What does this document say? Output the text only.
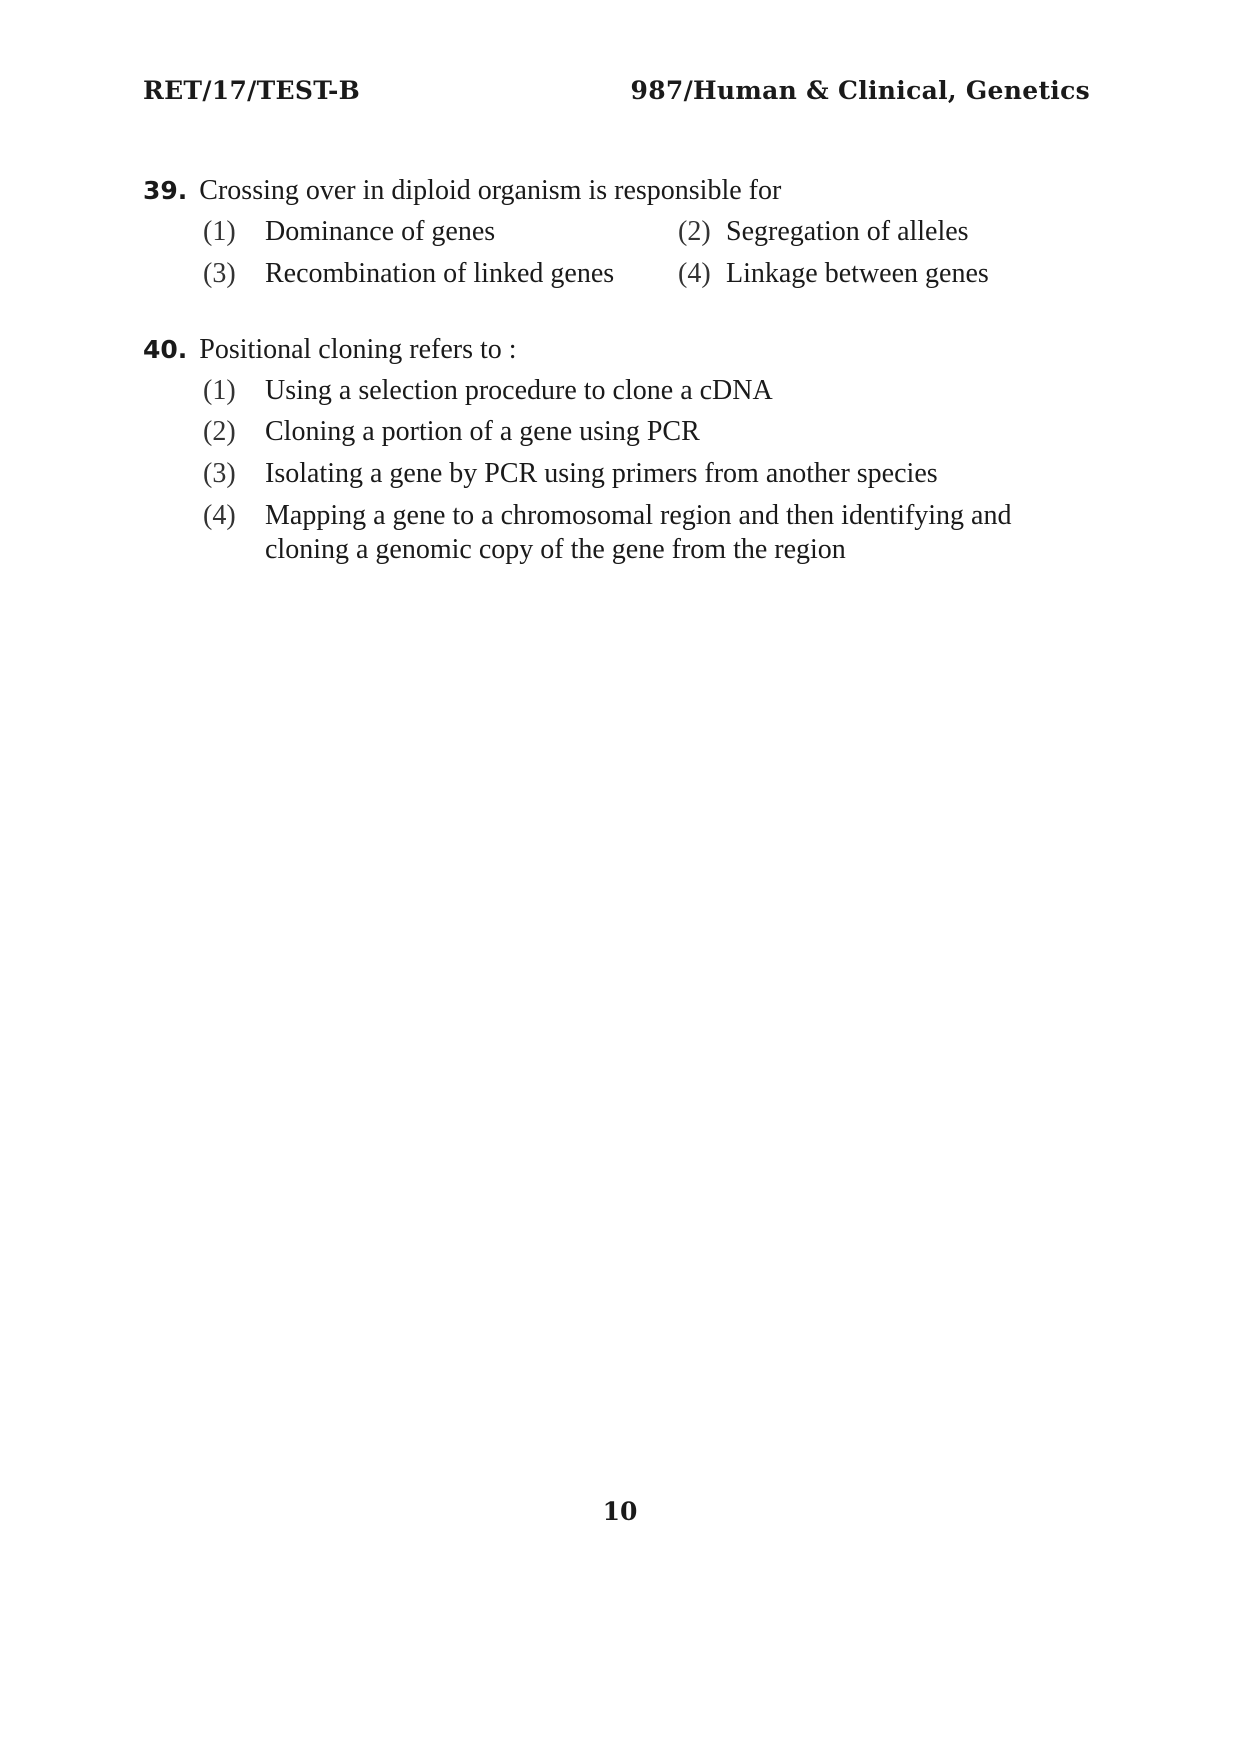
RET/17/TEST-B	987/Human & Clinical, Genetics
39. Crossing over in diploid organism is responsible for
(1) Dominance of genes	(2) Segregation of alleles
(3) Recombination of linked genes (4) Linkage between genes
40. Positional cloning refers to :
(1) Using a selection procedure to clone a cDNA
(2) Cloning a portion of a gene using PCR
(3) Isolating a gene by PCR using primers from another species
(4) Mapping a gene to a chromosomal region and then identifying and cloning a genomic copy of the gene from the region
10
